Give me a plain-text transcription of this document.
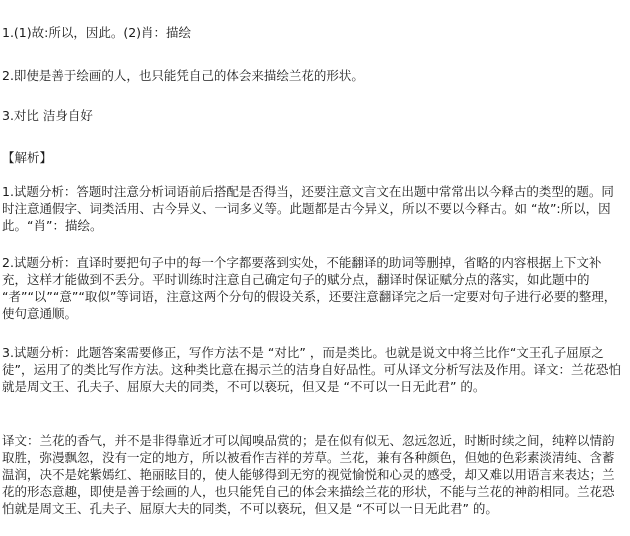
1.(1)故:所以，因此。(2)肖：描绘

2.即使是善于绘画的人，也只能凭自己的体会来描绘兰花的形状。

3.对比 洁身自好

【解析】

1.试题分析：答题时注意分析词语前后搭配是否得当，还要注意文言文在出题中常常出以今释古的类型的题。同时注意通假字、词类活用、古今异义、一词多义等。此题都是古今异义，所以不要以今释古。如 “故”:所以，因此。“肖”：描绘。

2.试题分析：直译时要把句子中的每一个字都要落到实处，不能翻译的助词等删掉，省略的内容根据上下文补充，这样才能做到不丢分。平时训练时注意自己确定句子的赋分点，翻译时保证赋分点的落实，如此题中的 “者”“以”“意”“取似”等词语，注意这两个分句的假设关系，还要注意翻译完之后一定要对句子进行必要的整理，使句意通顺。

3.试题分析：此题答案需要修正，写作方法不是 “对比” ，而是类比。也就是说文中将兰比作“文王孔子屈原之徒”，运用了的类比写作方法。这种类比意在揭示兰的洁身自好品性。可从译文分析写法及作用。译文：兰花恐怕就是周文王、孔夫子、屈原大夫的同类，不可以亵玩，但又是 “不可以一日无此君” 的。

译文：兰花的香气，并不是非得靠近才可以闻嗅品赏的；是在似有似无、忽远忽近，时断时续之间，纯粹以情韵取胜，弥漫飘忽，没有一定的地方，所以被看作吉祥的芳草。兰花，兼有各种颜色，但她的色彩素淡清纯、含蓄温润，决不是姹紫嫣红、艳丽眩目的，使人能够得到无穷的视觉愉悦和心灵的感受，却又难以用语言来表达；兰花的形态意趣，即使是善于绘画的人，也只能凭自己的体会来描绘兰花的形状，不能与兰花的神韵相同。兰花恐怕就是周文王、孔夫子、屈原大夫的同类，不可以亵玩，但又是 “不可以一日无此君” 的。
